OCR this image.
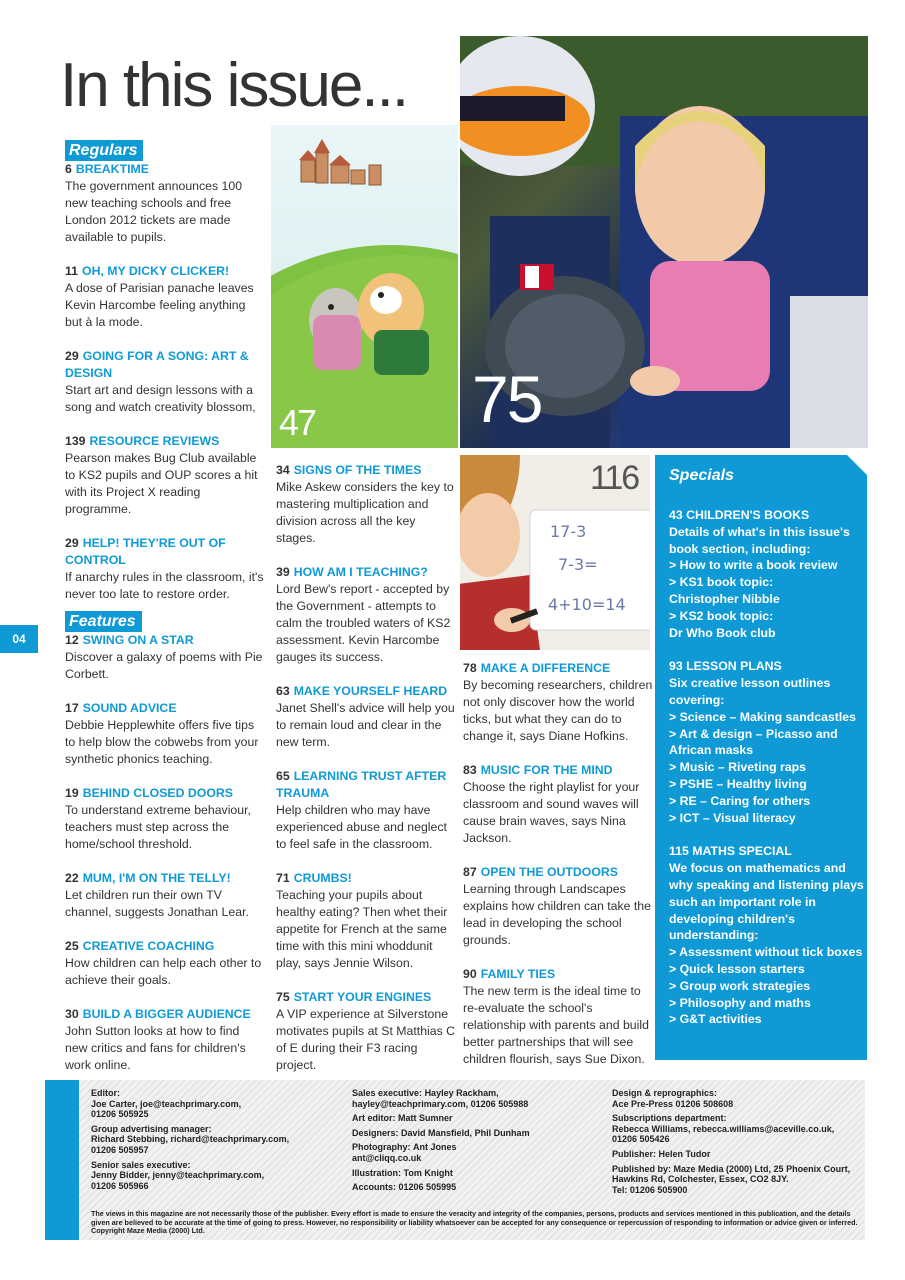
In this issue...
04
47 75
17-3
7-3=
4+10=14
116
Regulars
6 BREAKTIME

The government announces 100 new teaching schools and free London 2012 tickets are made available to pupils.

11 OH, MY DICKY CLICKER!

A dose of Parisian panache leaves Kevin Harcombe feeling anything but à la mode.

29 GOING FOR A SONG: ART & DESIGN

Start art and design lessons with a song and watch creativity blossom,

139 RESOURCE REVIEWS

Pearson makes Bug Club available to KS2 pupils and OUP scores a hit with its Project X reading programme.

29 HELP! THEY'RE OUT OF CONTROL

If anarchy rules in the classroom, it's never too late to restore order.

Features
12 SWING ON A STAR

Discover a galaxy of poems with Pie Corbett.

17 SOUND ADVICE

Debbie Hepplewhite offers five tips to help blow the cobwebs from your synthetic phonics teaching.

19 BEHIND CLOSED DOORS

To understand extreme behaviour, teachers must step across the home/school threshold.

22 MUM, I'M ON THE TELLY!

Let children run their own TV channel, suggests Jonathan Lear.

25 CREATIVE COACHING

How children can help each other to achieve their goals.

30 BUILD A BIGGER AUDIENCE

John Sutton looks at how to find new critics and fans for children's work online.

34 SIGNS OF THE TIMES

Mike Askew considers the key to mastering multiplication and division across all the key stages.

39 HOW AM I TEACHING?

Lord Bew's report - accepted by the Government - attempts to calm the troubled waters of KS2 assessment. Kevin Harcombe gauges its success.

63 MAKE YOURSELF HEARD

Janet Shell's advice will help you to remain loud and clear in the new term.

65 LEARNING TRUST AFTER TRAUMA

Help children who may have experienced abuse and neglect to feel safe in the classroom.

71 CRUMBS!

Teaching your pupils about healthy eating? Then whet their appetite for French at the same time with this mini whoddunit play, says Jennie Wilson.

75 START YOUR ENGINES

A VIP experience at Silverstone motivates pupils at St Matthias C of E during their F3 racing project.

78 MAKE A DIFFERENCE

By becoming researchers, children not only discover how the world ticks, but what they can do to change it, says Diane Hofkins.

83 MUSIC FOR THE MIND

Choose the right playlist for your classroom and sound waves will cause brain waves, says Nina Jackson.

87 OPEN THE OUTDOORS

Learning through Landscapes explains how children can take the lead in developing the school grounds.

90 FAMILY TIES

The new term is the ideal time to re-evaluate the school's relationship with parents and build better partnerships that will see children flourish, says Sue Dixon.

Specials
43 CHILDREN'S BOOKS
Details of what's in this issue's book section, including:
> How to write a book review
> KS1 book topic:
Christopher Nibble
> KS2 book topic:
Dr Who Book club
93 LESSON PLANS
Six creative lesson outlines covering:
> Science – Making sandcastles
> Art & design – Picasso and African masks
> Music – Riveting raps
> PSHE – Healthy living
> RE – Caring for others
> ICT – Visual literacy
115 MATHS SPECIAL
We focus on mathematics and why speaking and listening plays such an important role in developing children's understanding:
> Assessment without tick boxes
> Quick lesson starters
> Group work strategies
> Philosophy and maths
> G&T activities
Editor:
Joe Carter, joe@teachprimary.com,
01206 505925
Group advertising manager:
Richard Stebbing, richard@teachprimary.com,
01206 505957
Senior sales executive:
Jenny Bidder, jenny@teachprimary.com,
01206 505966
Sales executive: Hayley Rackham,
hayley@teachprimary.com, 01206 505988
Art editor: Matt Sumner
Designers: David Mansfield, Phil Dunham
Photography: Ant Jones
ant@cliqq.co.uk
Illustration: Tom Knight
Accounts: 01206 505995
Design & reprographics:
Ace Pre-Press 01206 508608
Subscriptions department:
Rebecca Williams, rebecca.williams@aceville.co.uk,
01206 505426
Publisher: Helen Tudor
Published by: Maze Media (2000) Ltd, 25 Phoenix Court,
Hawkins Rd, Colchester, Essex, CO2 8JY.
Tel: 01206 505900
The views in this magazine are not necessarily those of the publisher. Every effort is made to ensure the veracity and integrity of the companies, persons, products and services mentioned in this publication, and the details given are believed to be accurate at the time of going to press. However, no responsibility or liability whatsoever can be accepted for any consequence or repercussion of responding to information or advice given or inferred. Copyright Maze Media (2000) Ltd.
